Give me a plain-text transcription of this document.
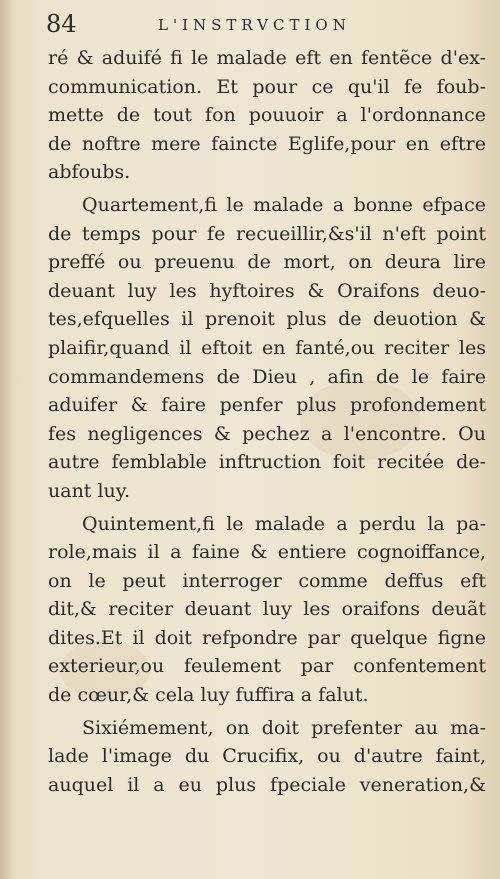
84	L'INSTRVCTION
ré & aduifé fi le malade eft en fentẽce d'ex-
communication. Et pour ce qu'il fe foub-
mette de tout fon pouuoir a l'ordonnance
de noftre mere faincte Eglife,pour en eftre
abfoubs.
Quartement,fi le malade a bonne efpace
de temps pour fe recueillir,&s'il n'eft point
preffé ou preuenu de mort, on deura lire
deuant luy les hyftoires & Oraifons deuo-
tes,efquelles il prenoit plus de deuotion &
plaifir,quand il eftoit en fanté,ou reciter les
commandemens de Dieu , afin de le faire
aduifer & faire penfer plus profondement
fes negligences & pechez a l'encontre. Ou
autre femblable inftruction foit recitée de-
uant luy.
Quintement,fi le malade a perdu la pa-
role,mais il a faine & entiere cognoiffance,
on le peut interroger comme deffus eft
dit,& reciter deuant luy les oraifons deuãt
dites.Et il doit refpondre par quelque figne
exterieur,ou feulement par confentement
de cœur,& cela luy fuffira a falut.
Sixiémement, on doit prefenter au ma-
lade l'image du Crucifix, ou d'autre faint,
auquel il a eu plus fpeciale veneration,&
